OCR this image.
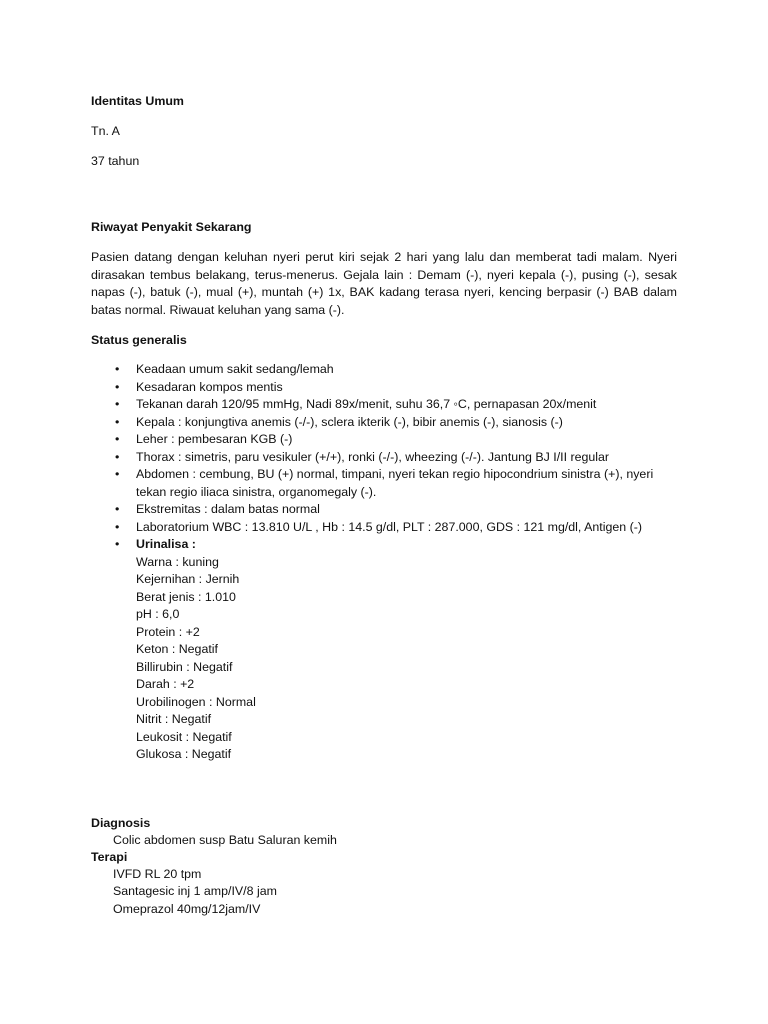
Identitas Umum

Tn. A

37 tahun

Riwayat Penyakit Sekarang

Pasien datang dengan keluhan nyeri perut kiri sejak 2 hari yang lalu dan memberat tadi malam. Nyeri dirasakan tembus belakang, terus-menerus. Gejala lain : Demam (-), nyeri kepala (-), pusing (-), sesak napas (-), batuk (-), mual (+), muntah (+) 1x, BAK kadang terasa nyeri, kencing berpasir (-) BAB dalam batas normal. Riwauat keluhan yang sama (-).

Status generalis

• Keadaan umum sakit sedang/lemah
• Kesadaran kompos mentis
• Tekanan darah 120/95 mmHg, Nadi 89x/menit, suhu 36,7 ◦C, pernapasan 20x/menit
• Kepala : konjungtiva anemis (-/-), sclera ikterik (-), bibir anemis (-), sianosis (-)
• Leher : pembesaran KGB (-)
• Thorax : simetris, paru vesikuler (+/+), ronki (-/-), wheezing (-/-). Jantung BJ I/II regular
• Abdomen : cembung, BU (+) normal, timpani, nyeri tekan regio hipocondrium sinistra (+), nyeri tekan regio iliaca sinistra, organomegaly (-).
• Ekstremitas : dalam batas normal
• Laboratorium WBC : 13.810 U/L , Hb : 14.5 g/dl, PLT : 287.000, GDS : 121 mg/dl, Antigen (-)
• Urinalisa :
Warna : kuning
Kejernihan : Jernih
Berat jenis : 1.010
pH : 6,0
Protein : +2
Keton : Negatif
Billirubin : Negatif
Darah : +2
Urobilinogen : Normal
Nitrit : Negatif
Leukosit : Negatif
Glukosa : Negatif

Diagnosis

Colic abdomen susp Batu Saluran kemih

Terapi

IVFD RL 20 tpm

Santagesic inj 1 amp/IV/8 jam

Omeprazol 40mg/12jam/IV
